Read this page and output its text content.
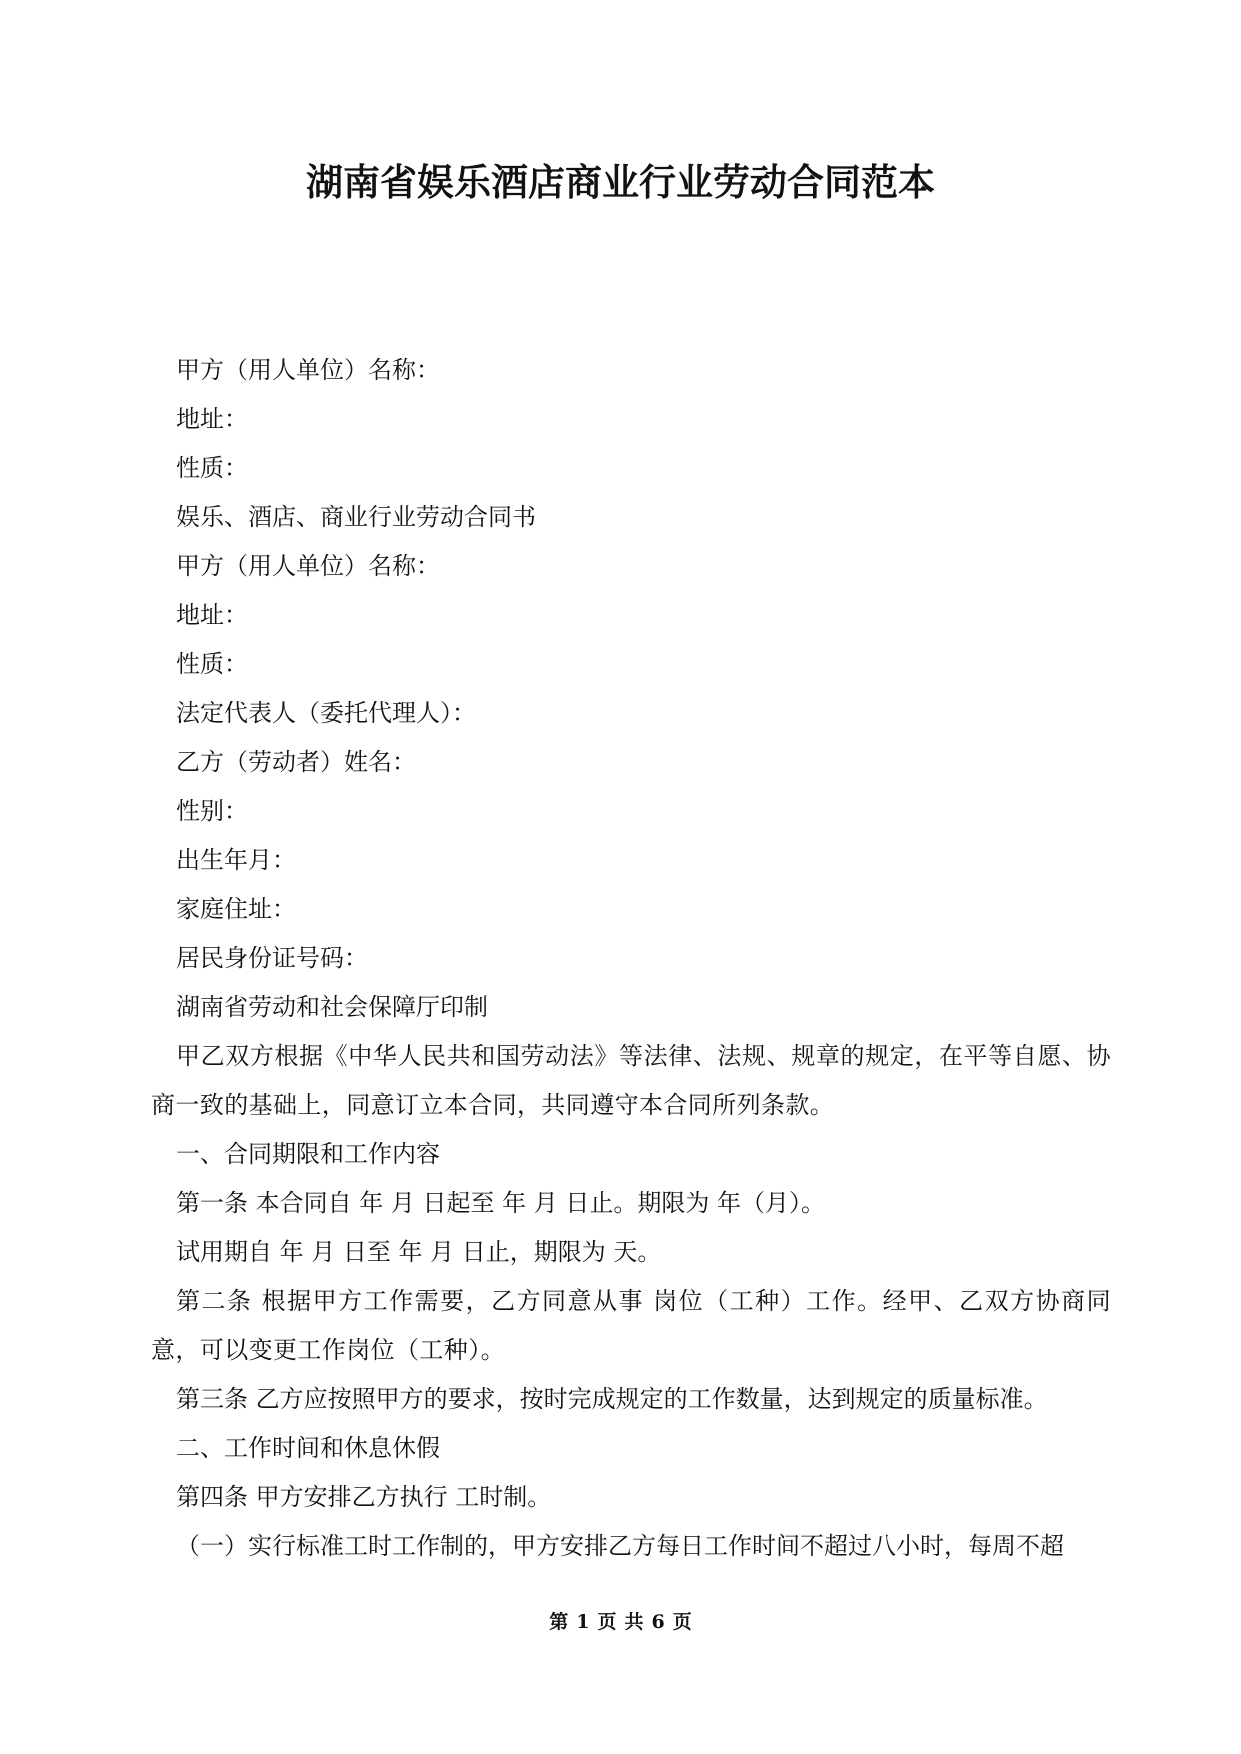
湖南省娱乐酒店商业行业劳动合同范本

甲方（用人单位）名称：

地址：

性质：

娱乐、酒店、商业行业劳动合同书

甲方（用人单位）名称：

地址：

性质：

法定代表人（委托代理人）：

乙方（劳动者）姓名：

性别：

出生年月：

家庭住址：

居民身份证号码：

湖南省劳动和社会保障厅印制

甲乙双方根据《中华人民共和国劳动法》等法律、法规、规章的规定，在平等自愿、协商一致的基础上，同意订立本合同，共同遵守本合同所列条款。

一、合同期限和工作内容

第一条 本合同自 年 月 日起至 年 月 日止。期限为 年（月）。

试用期自 年 月 日至 年 月 日止，期限为 天。

第二条 根据甲方工作需要，乙方同意从事 岗位（工种）工作。经甲、乙双方协商同意，可以变更工作岗位（工种）。

第三条 乙方应按照甲方的要求，按时完成规定的工作数量，达到规定的质量标准。

二、工作时间和休息休假

第四条 甲方安排乙方执行 工时制。

（一）实行标准工时工作制的，甲方安排乙方每日工作时间不超过八小时，每周不超

第 1 页 共 6 页
